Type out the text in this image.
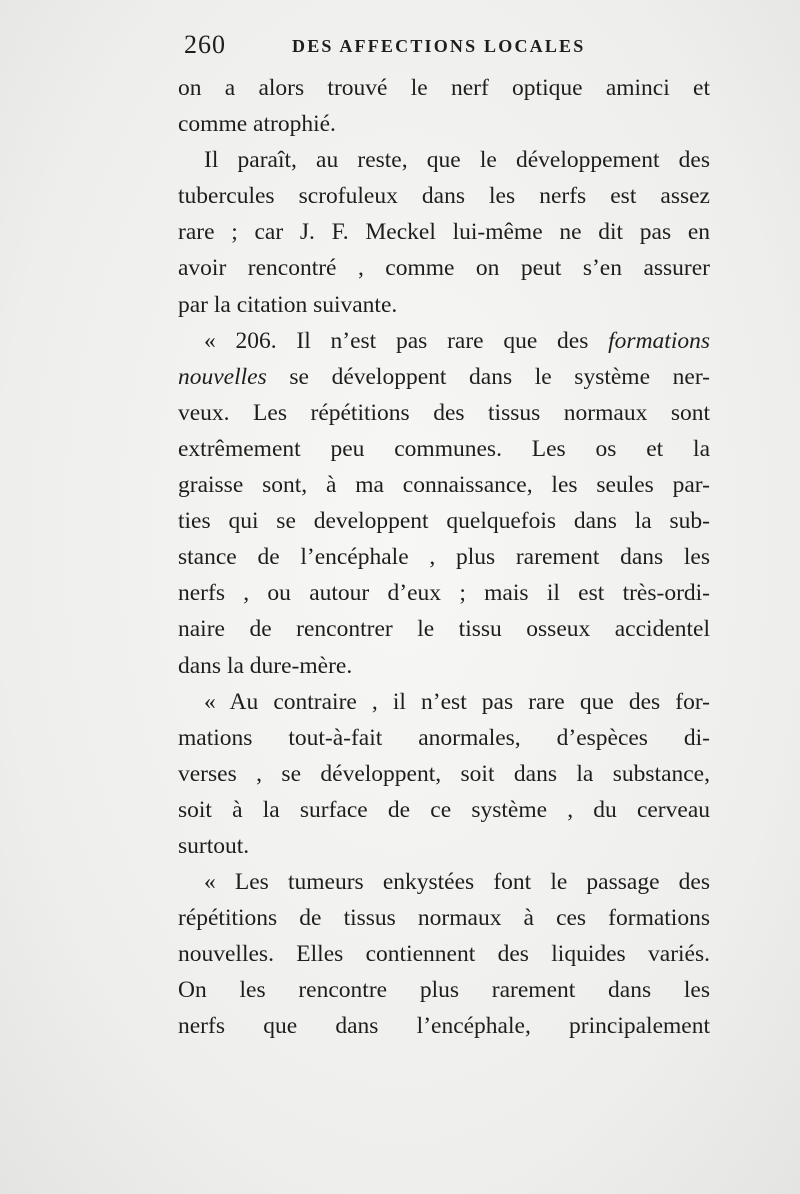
260	DES AFFECTIONS LOCALES
on a alors trouvé le nerf optique aminci et
comme atrophié.
Il paraît, au reste, que le développement des
tubercules scrofuleux dans les nerfs est assez
rare ; car J. F. Meckel lui-même ne dit pas en
avoir rencontré , comme on peut s’en assurer
par la citation suivante.
« 206. Il n’est pas rare que des formations
nouvelles se développent dans le système ner-
veux. Les répétitions des tissus normaux sont
extrêmement peu communes. Les os et la
graisse sont, à ma connaissance, les seules par-
ties qui se developpent quelquefois dans la sub-
stance de l’encéphale , plus rarement dans les
nerfs , ou autour d’eux ; mais il est très-ordi-
naire de rencontrer le tissu osseux accidentel
dans la dure-mère.
« Au contraire , il n’est pas rare que des for-
mations tout-à-fait anormales, d’espèces di-
verses , se développent, soit dans la substance,
soit à la surface de ce système , du cerveau
surtout.
« Les tumeurs enkystées font le passage des
répétitions de tissus normaux à ces formations
nouvelles. Elles contiennent des liquides variés.
On les rencontre plus rarement dans les
nerfs que dans l’encéphale, principalement
